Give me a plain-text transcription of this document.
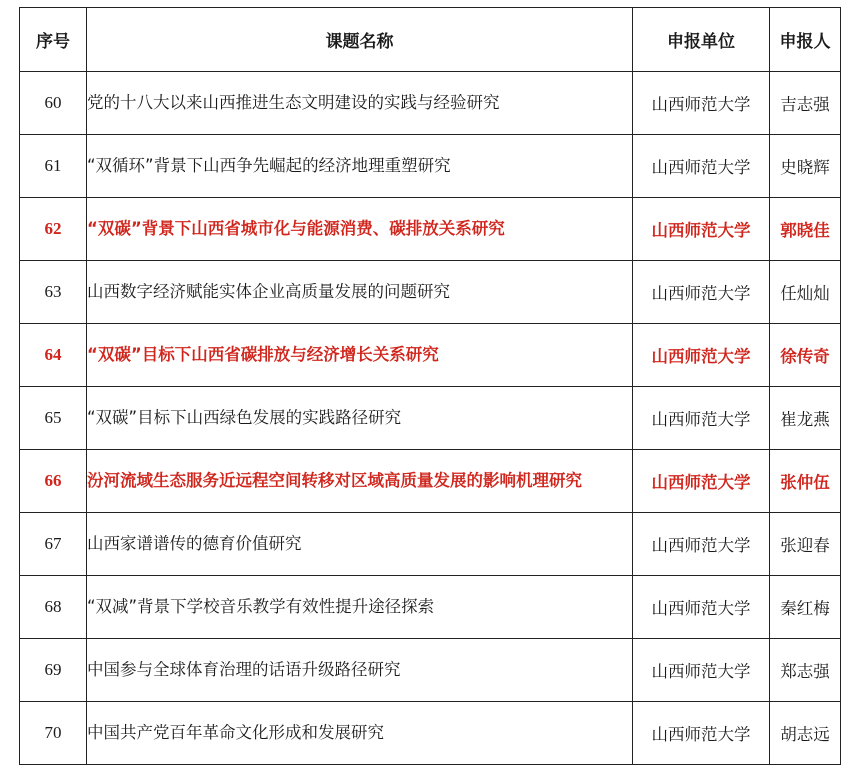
序号	课题名称	申报单位	申报人
60	党的十八大以来山西推进生态文明建设的实践与经验研究	山西师范大学	吉志强
61	“双循环”背景下山西争先崛起的经济地理重塑研究	山西师范大学	史晓辉
62	“双碳”背景下山西省城市化与能源消费、碳排放关系研究	山西师范大学	郭晓佳
63	山西数字经济赋能实体企业高质量发展的问题研究	山西师范大学	任灿灿
64	“双碳”目标下山西省碳排放与经济增长关系研究	山西师范大学	徐传奇
65	“双碳”目标下山西绿色发展的实践路径研究	山西师范大学	崔龙燕
66	汾河流域生态服务近远程空间转移对区域高质量发展的影响机理研究	山西师范大学	张仲伍
67	山西家谱谱传的德育价值研究	山西师范大学	张迎春
68	“双减”背景下学校音乐教学有效性提升途径探索	山西师范大学	秦红梅
69	中国参与全球体育治理的话语升级路径研究	山西师范大学	郑志强
70	中国共产党百年革命文化形成和发展研究	山西师范大学	胡志远
